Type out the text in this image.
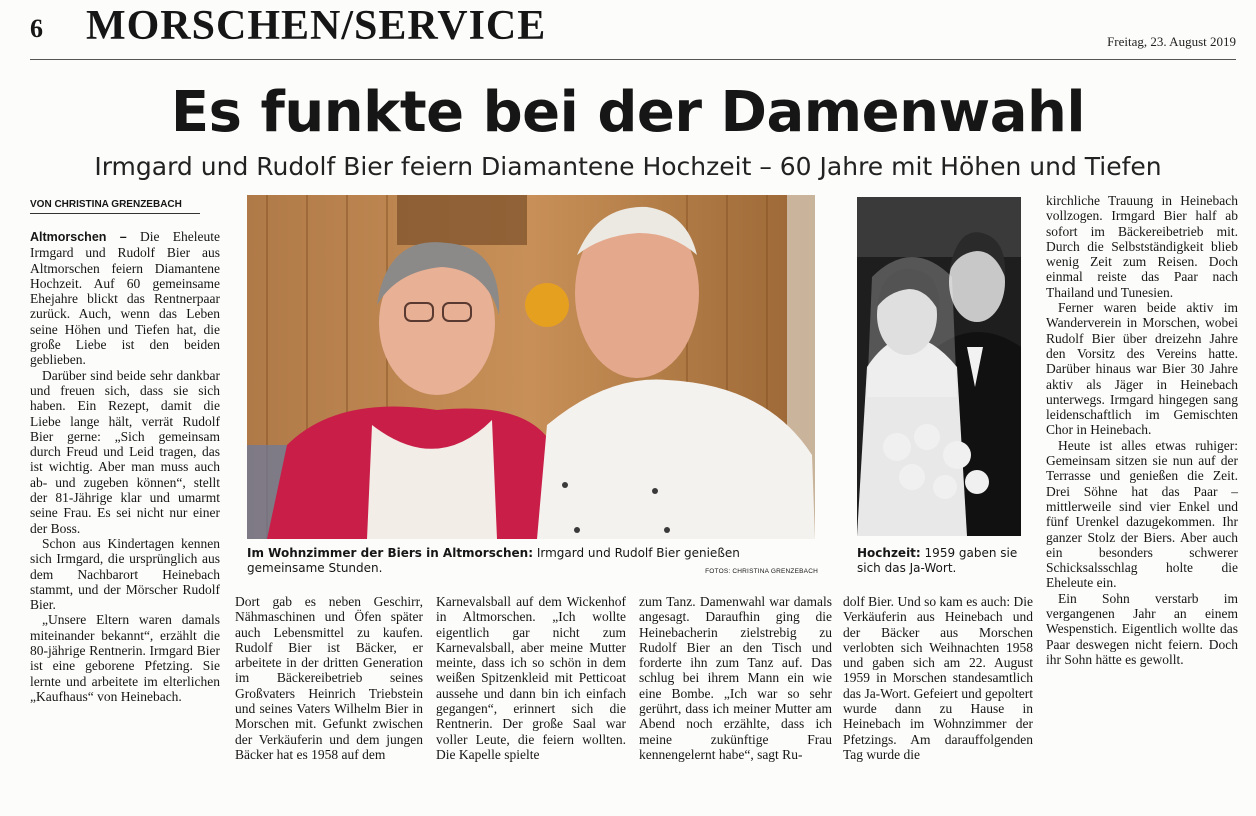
6 MORSCHEN/SERVICE	Freitag, 23. August 2019
Es funkte bei der Damenwahl
Irmgard und Rudolf Bier feiern Diamantene Hochzeit – 60 Jahre mit Höhen und Tiefen
VON CHRISTINA GRENZEBACH

Altmorschen – Die Eheleute Irmgard und Rudolf Bier aus Altmorschen feiern Diamantene Hochzeit. Auf 60 gemeinsame Ehejahre blickt das Rentnerpaar zurück. Auch, wenn das Leben seine Höhen und Tiefen hat, die große Liebe ist den beiden geblieben.

Darüber sind beide sehr dankbar und freuen sich, dass sie sich haben. Ein Rezept, damit die Liebe lange hält, verrät Rudolf Bier gerne: „Sich gemeinsam durch Freud und Leid tragen, das ist wichtig. Aber man muss auch ab- und zugeben können“, stellt der 81-Jährige klar und umarmt seine Frau. Es sei nicht nur einer der Boss.

Schon aus Kindertagen kennen sich Irmgard, die ursprünglich aus dem Nachbarort Heinebach stammt, und der Mörscher Rudolf Bier.

„Unsere Eltern waren damals miteinander bekannt“, erzählt die 80-jährige Rentnerin. Irmgard Bier ist eine geborene Pfetzing. Sie lernte und arbeitete im elterlichen „Kaufhaus“ von Heinebach.

Im Wohnzimmer der Biers in Altmorschen: Irmgard und Rudolf Bier genießen gemeinsame Stunden.	FOTOS: CHRISTINA GRENZEBACH
Hochzeit: 1959 gaben sie sich das Ja-Wort.

Dort gab es neben Geschirr, Nähmaschinen und Öfen später auch Lebensmittel zu kaufen. Rudolf Bier ist Bäcker, er arbeitete in der dritten Generation im Bäckereibetrieb seines Großvaters Heinrich Triebstein und seines Vaters Wilhelm Bier in Morschen mit. Gefunkt zwischen der Verkäuferin und dem jungen Bäcker hat es 1958 auf dem

Karnevalsball auf dem Wickenhof in Altmorschen. „Ich wollte eigentlich gar nicht zum Karnevalsball, aber meine Mutter meinte, dass ich so schön in dem weißen Spitzenkleid mit Petticoat aussehe und dann bin ich einfach gegangen“, erinnert sich die Rentnerin. Der große Saal war voller Leute, die feiern wollten. Die Kapelle spielte

zum Tanz. Damenwahl war damals angesagt. Daraufhin ging die Heinebacherin zielstrebig zu Rudolf Bier an den Tisch und forderte ihn zum Tanz auf. Das schlug bei ihrem Mann ein wie eine Bombe. „Ich war so sehr gerührt, dass ich meiner Mutter am Abend noch erzählte, dass ich meine zukünftige Frau kennengelernt habe“, sagt Ru-

dolf Bier. Und so kam es auch: Die Verkäuferin aus Heinebach und der Bäcker aus Morschen verlobten sich Weihnachten 1958 und gaben sich am 22. August 1959 in Morschen standesamtlich das Ja-Wort. Gefeiert und gepoltert wurde dann zu Hause in Heinebach im Wohnzimmer der Pfetzings. Am darauffolgenden Tag wurde die

kirchliche Trauung in Heinebach vollzogen. Irmgard Bier half ab sofort im Bäckereibetrieb mit. Durch die Selbstständigkeit blieb wenig Zeit zum Reisen. Doch einmal reiste das Paar nach Thailand und Tunesien.

Ferner waren beide aktiv im Wanderverein in Morschen, wobei Rudolf Bier über dreizehn Jahre den Vorsitz des Vereins hatte. Darüber hinaus war Bier 30 Jahre aktiv als Jäger in Heinebach unterwegs. Irmgard hingegen sang leidenschaftlich im Gemischten Chor in Heinebach.

Heute ist alles etwas ruhiger: Gemeinsam sitzen sie nun auf der Terrasse und genießen die Zeit. Drei Söhne hat das Paar – mittlerweile sind vier Enkel und fünf Urenkel dazugekommen. Ihr ganzer Stolz der Biers. Aber auch ein besonders schwerer Schicksalsschlag holte die Eheleute ein.

Ein Sohn verstarb im vergangenen Jahr an einem Wespenstich. Eigentlich wollte das Paar deswegen nicht feiern. Doch ihr Sohn hätte es gewollt.
